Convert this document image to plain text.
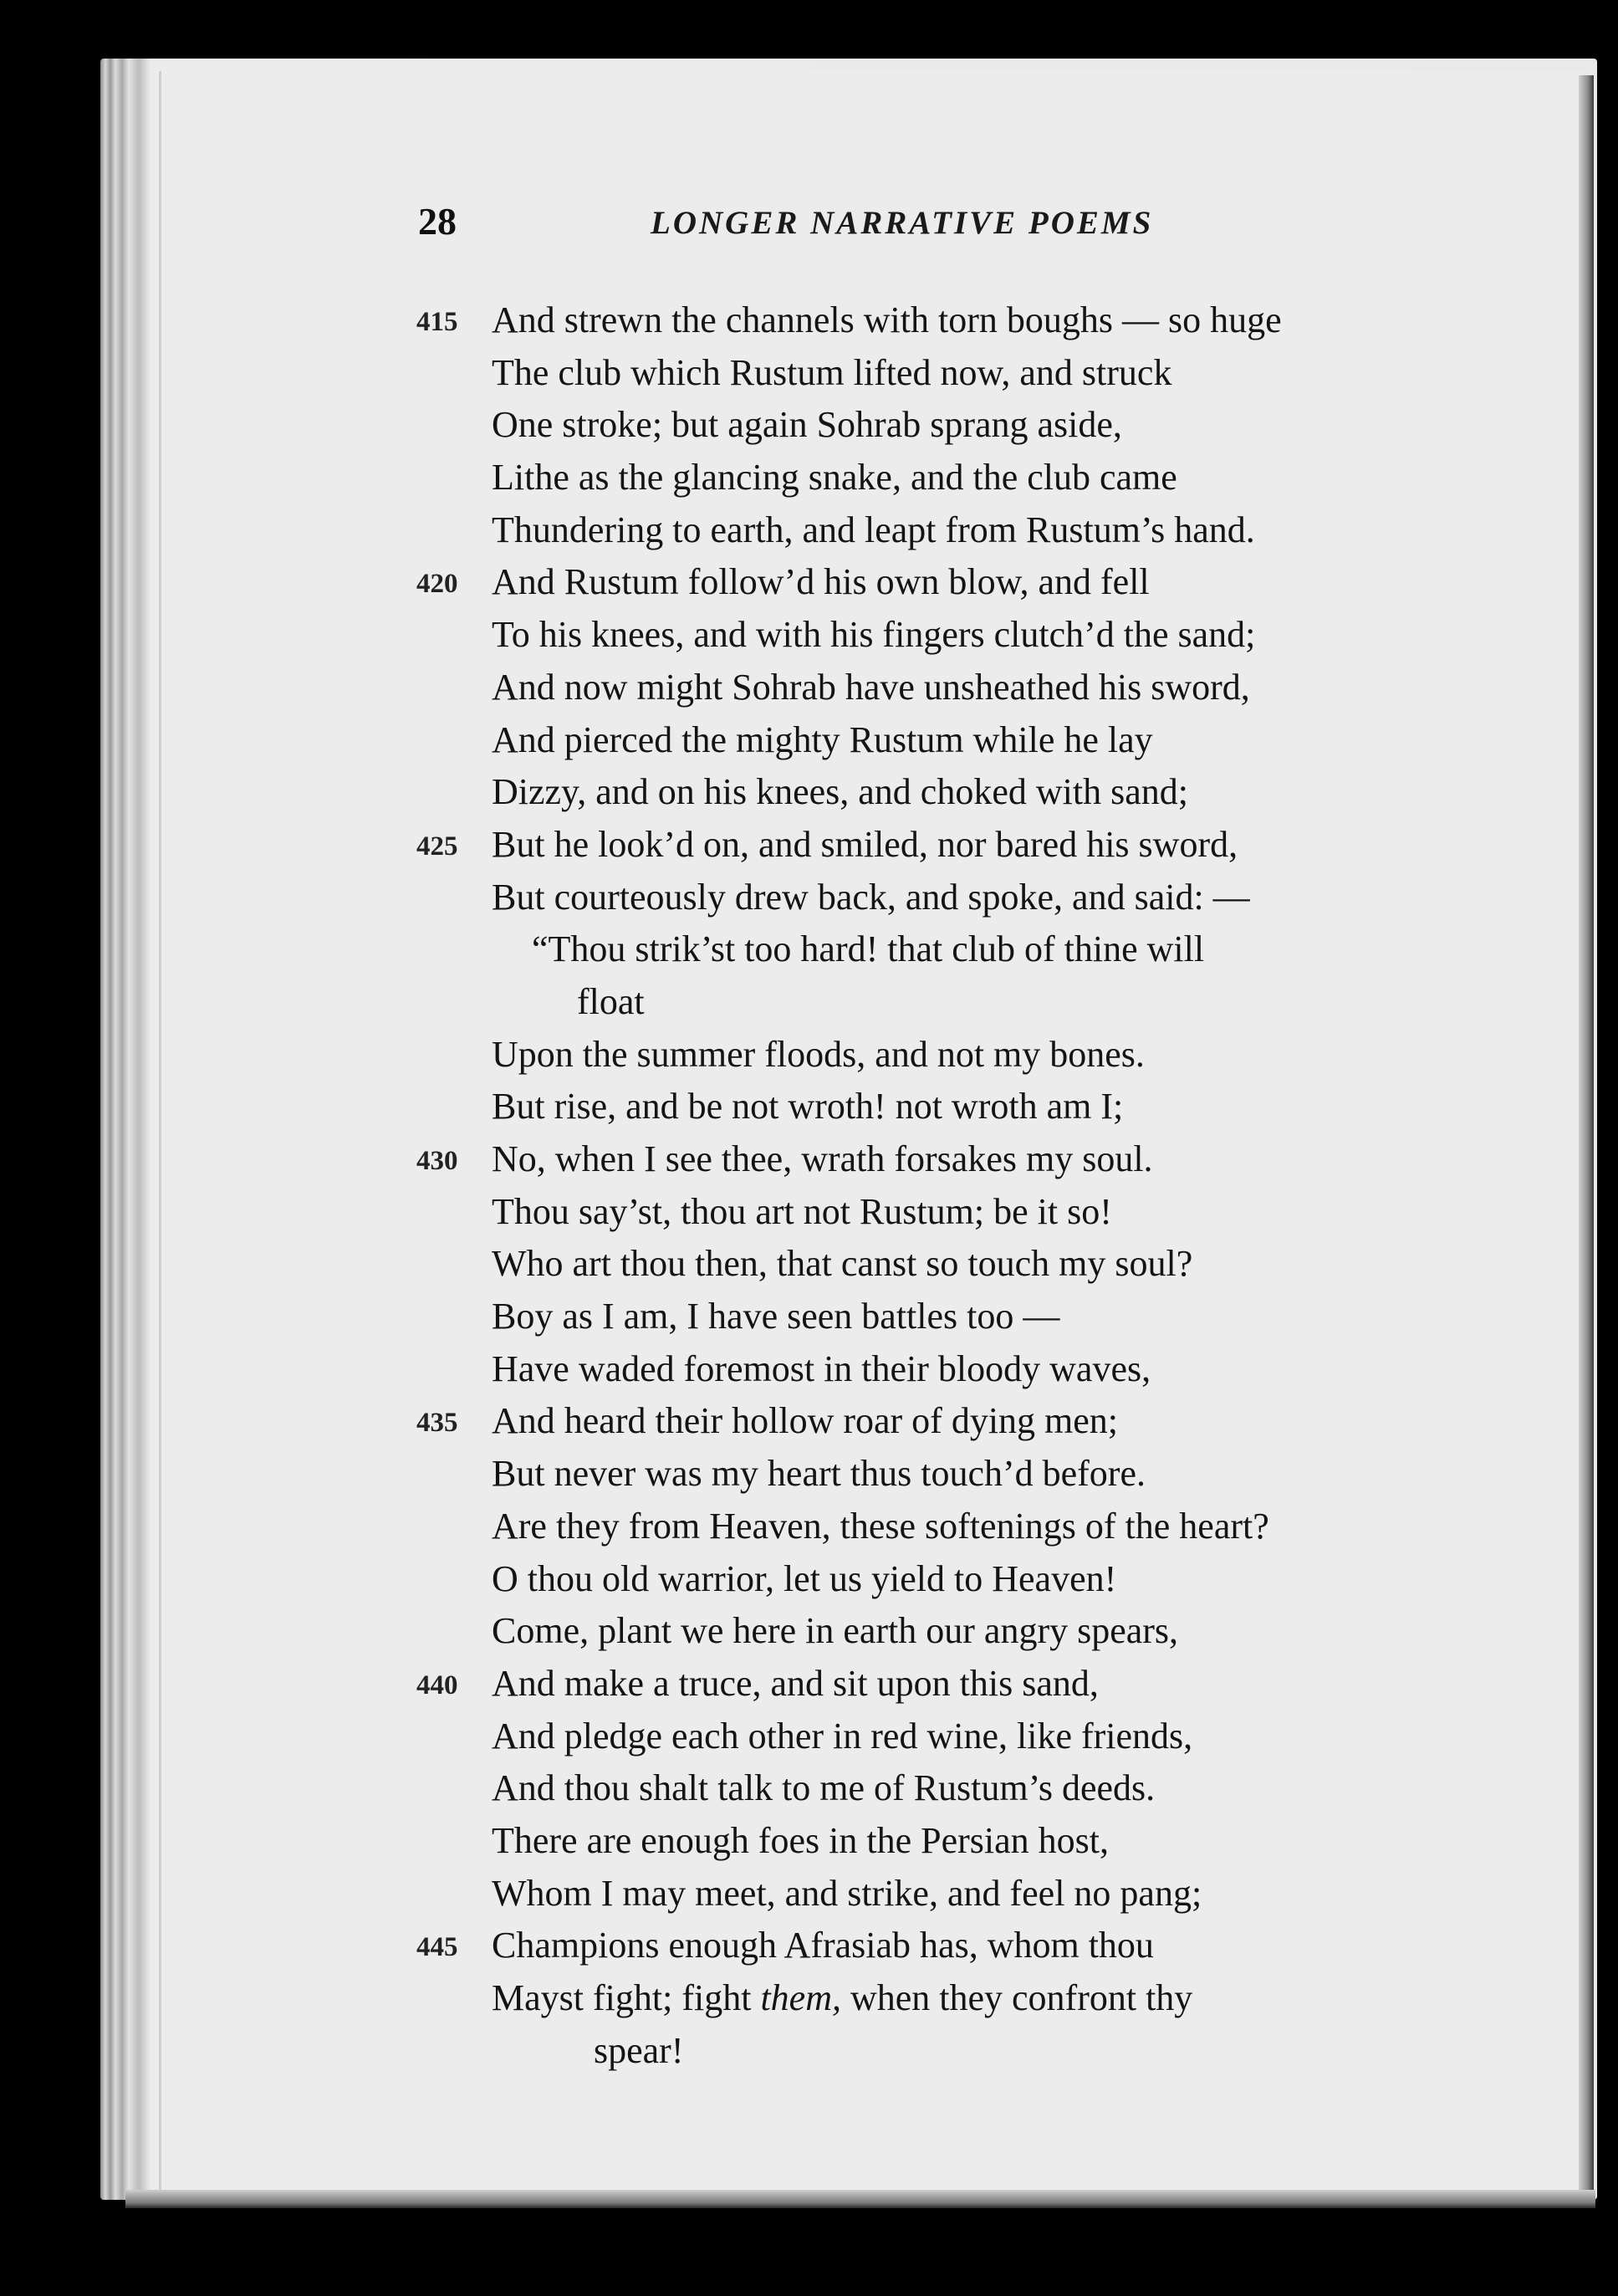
28	LONGER NARRATIVE POEMS
415 And strewn the channels with torn boughs — so huge
The club which Rustum lifted now, and struck
One stroke; but again Sohrab sprang aside,
Lithe as the glancing snake, and the club came
Thundering to earth, and leapt from Rustum’s hand.
420 And Rustum follow’d his own blow, and fell
To his knees, and with his fingers clutch’d the sand;
And now might Sohrab have unsheathed his sword,
And pierced the mighty Rustum while he lay
Dizzy, and on his knees, and choked with sand;
425 But he look’d on, and smiled, nor bared his sword,
But courteously drew back, and spoke, and said: —
“Thou strik’st too hard! that club of thine will
float
Upon the summer floods, and not my bones.
But rise, and be not wroth! not wroth am I;
430 No, when I see thee, wrath forsakes my soul.
Thou say’st, thou art not Rustum; be it so!
Who art thou then, that canst so touch my soul?
Boy as I am, I have seen battles too —
Have waded foremost in their bloody waves,
435 And heard their hollow roar of dying men;
But never was my heart thus touch’d before.
Are they from Heaven, these softenings of the heart?
O thou old warrior, let us yield to Heaven!
Come, plant we here in earth our angry spears,
440 And make a truce, and sit upon this sand,
And pledge each other in red wine, like friends,
And thou shalt talk to me of Rustum’s deeds.
There are enough foes in the Persian host,
Whom I may meet, and strike, and feel no pang;
445 Champions enough Afrasiab has, whom thou
Mayst fight; fight them, when they confront thy
spear!
